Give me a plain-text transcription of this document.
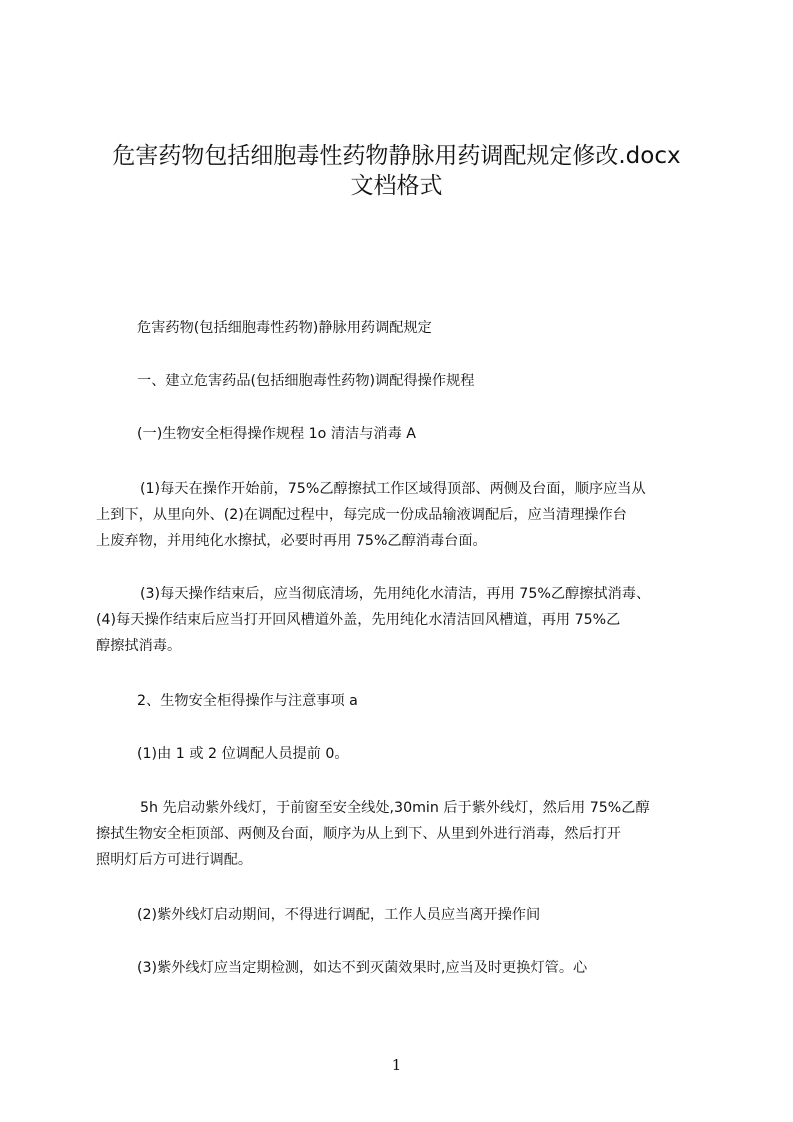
危害药物包括细胞毒性药物静脉用药调配规定修改.docx
文档格式
危害药物(包括细胞毒性药物)静脉用药调配规定
一、建立危害药品(包括细胞毒性药物)调配得操作规程
(一)生物安全柜得操作规程 1o 清洁与消毒 A
(1)每天在操作开始前，75%乙醇擦拭工作区域得顶部、两侧及台面，顺序应当从
上到下，从里向外、(2)在调配过程中，每完成一份成品输液调配后，应当清理操作台
上废弃物，并用纯化水擦拭，必要时再用 75%乙醇消毒台面。
(3)每天操作结束后，应当彻底清场，先用纯化水清洁，再用 75%乙醇擦拭消毒、
(4)每天操作结束后应当打开回风槽道外盖，先用纯化水清洁回风槽道，再用 75%乙
醇擦拭消毒。
2、生物安全柜得操作与注意事项 a
(1)由 1 或 2 位调配人员提前 0。
5h 先启动紫外线灯，于前窗至安全线处,30min 后于紫外线灯，然后用 75%乙醇
擦拭生物安全柜顶部、两侧及台面，顺序为从上到下、从里到外进行消毒，然后打开
照明灯后方可进行调配。
(2)紫外线灯启动期间，不得进行调配，工作人员应当离开操作间
(3)紫外线灯应当定期检测，如达不到灭菌效果时,应当及时更换灯管。心
1
